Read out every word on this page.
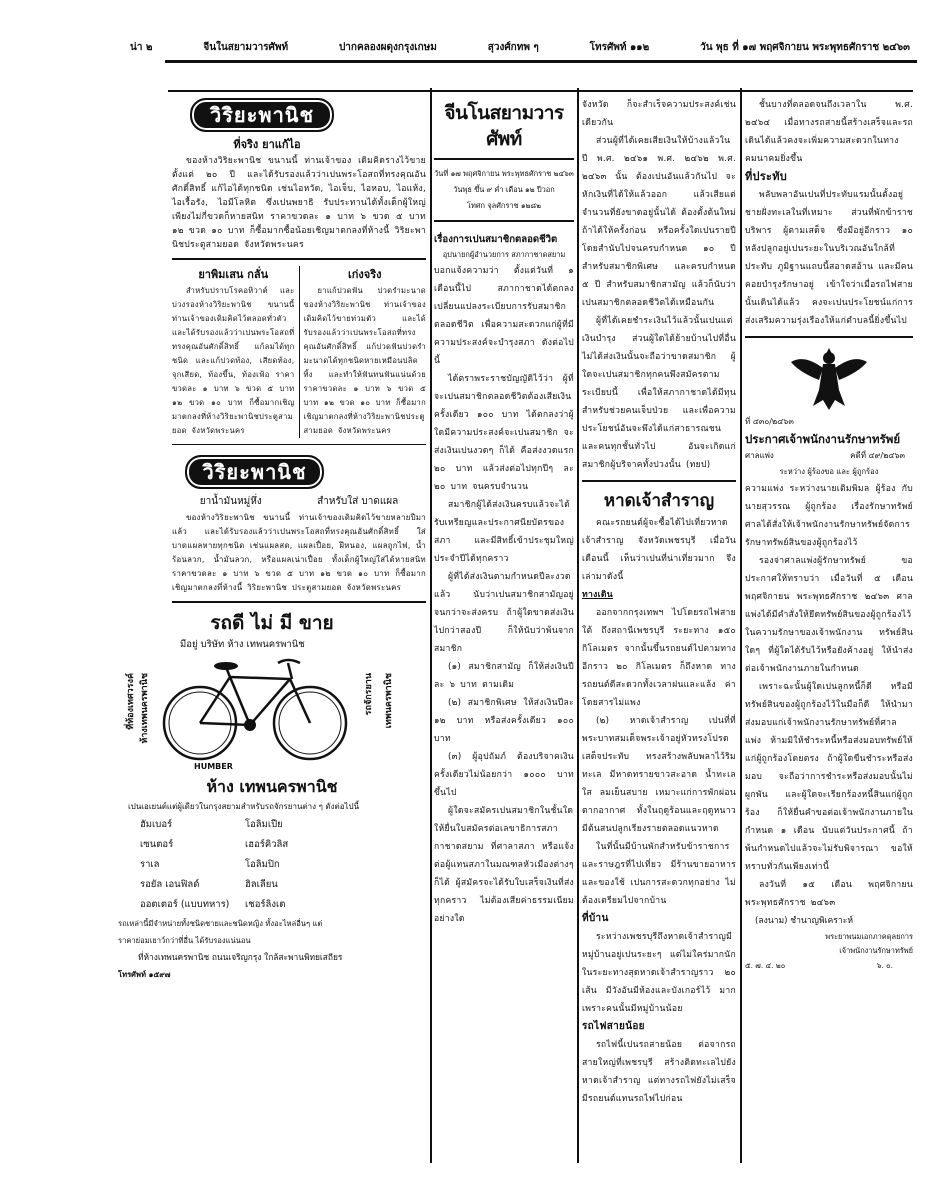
น่า ๒	จีนในสยามวารศัพท์	ปากคลองผดุงกรุงเกษม	สุวงศ์กทพ ๆ	โทรศัพท์ ๑๑๒	วัน พุธ ที่ ๑๗ พฤศจิกายน พระพุทธศักราช ๒๔๖๓
วิริยะพานิช
ที่จริง ยาแก้ไอ

ของห้างวิริยะพานิช ขนานนี้ ท่านเจ้าของ เดิมคิดรางไว้ขายตั้งแต่ ๒๐ ปี และได้รับรองแล้วว่าเปนพระโอสถที่ทรงคุณอันศักดิ์สิทธิ์ แก้ไอได้ทุกชนิด เช่นไอหวัด, ไอเจ็บ, ไอหอบ, ไอแห้ง, ไอเรื้อรัง, ไอมีโลหิต ซึ่งเปนพยาธิ รับประทานได้ทั้งเด็กผู้ใหญ่ เพียงไม่กี่ขวดก็หายสนิท ราคาขวดละ ๑ บาท ๖ ขวด ๕ บาท ๑๒ ขวด ๑๐ บาท ก็ซื้อมากซื้อน้อยเชิญมาตกลงที่ห้างนี้ วิริยะพานิชประตูสามยอด จังหวัดพระนคร

ยาพิมเสน กลั่น

สำหรับปราบโรคอหิวาต์ และบ่วงรองห้างวิริยะพานิช ขนานนี้ท่านเจ้าของเดิมคิดไว้ตลอดทั่วตัว และได้รับรองแล้วว่าเปนพระโอสถที่ทรงคุณอันศักดิ์สิทธิ์ แก้ลมได้ทุกชนิด และแก้ปวดท้อง, เสียดท้อง, จุกเสียด, ท้องขึ้น, ท้องเฟ้อ ราคาขวดละ ๑ บาท ๖ ขวด ๕ บาท ๑๒ ขวด ๑๐ บาท ก็ซื้อมากเชิญมาตกลงที่ห้างวิริยะพานิชประตูสามยอด จังหวัดพระนคร

เก่งจริง

ยาแก้ปวดฟัน ปวดรำมะนาด ของห้างวิริยะพานิช ท่านเจ้าของเดิมคิดไว้ขายท่วมตัว และได้รับรองแล้วว่าเปนพระโอสถที่ทรงคุณอันศักดิ์สิทธิ์ แก้ปวดฟันปวดรำมะนาดได้ทุกชนิดหายเหมือนปลิดทิ้ง และทำให้ฟันทนฟันแน่นด้วย ราคาขวดละ ๑ บาท ๖ ขวด ๕ บาท ๑๒ ขวด ๑๐ บาท ก็ซื้อมากเชิญมาตกลงที่ห้างวิริยะพานิชประตูสามยอด จังหวัดพระนคร

วิริยะพานิช
ยาน้ำมันหมู่หึ่ง	สำหรับใส่ บาดแผล

ของห้างวิริยะพานิช ขนานนี้ ท่านเจ้าของเดิมคิดไว้ขายหลายปีมาแล้ว และได้รับรองแล้วว่าเปนพระโอสถที่ทรงคุณอันศักดิ์สิทธิ์ ใส่บาดแผลหายทุกชนิด เช่นแผลสด, แผลเปื่อย, ฝีหนอง, แผลถูกไฟ, น้ำร้อนลวก, น้ำมันลวก, หรือแผลเน่าเปื่อย ทั้งเด็กผู้ใหญ่ใส่ได้หายสนิท ราคาขวดละ ๑ บาท ๖ ขวด ๕ บาท ๑๒ ขวด ๑๐ บาท ก็ซื้อมากเชิญมาตกลงที่ห้างนี้ วิริยะพานิช ประตูสามยอด จังหวัดพระนคร

รถดี ไม่ มี ขาย
มีอยู่ บริษัท ห้าง เทพนครพานิช
HUMBER
ที่ท้องเทศวรงค์ ห้างเทพนครพานิช	รถจักรยาน เทพนครพานิช
ห้าง เทพนครพานิช
เปนเอเยนต์แต่ผู้เดียวในกรุงสยามสำหรับรถจักรยานต่าง ๆ ดังต่อไปนี้
ฮัมเบอร์
เซนตอร์
ราเล
รอยัล เอนฟิลด์
ออตเตอร์ (แบบทหาร)
โอลิมเปีย
เฮอร์คิวลิส
โอลิมปิก
ฮิลเลียน
เชอร์ลิงเต
รถเหล่านี้มีจำหน่ายทั้งชนิดชายและชนิดหญิง ทั้งอะไหล่อื่นๆ แต่
ราคาย่อมเยาว์กว่าที่อื่น ได้รับรองแน่นอน
ที่ห้างเทพนครพานิช ถนนเจริญกรุง ใกล้สะพานพิทยเสถียร
โทรศัพท์ ๑๕๙๗
จีนโนสยามวารศัพท์
วันที่ ๑๗ พฤศจิกายน พระพุทธศักราช ๒๔๖๓
วันพุธ ขึ้น ๙ ค่ำ เดือน ๑๒ ปีวอก
โทศก จุลศักราช ๑๒๘๒
เรื่องการเปนสมาชิกตลอดชีวิต
อุปนายกผู้อำนวยการ สภากาชาดสยาม

บอกแจ้งความว่า ตั้งแต่วันที่ ๑ เดือนนี้ไป สภากาชาดได้ตกลงเปลี่ยนแปลงระเบียบการรับสมาชิกตลอดชีวิต เพื่อความสะดวกแก่ผู้ที่มีความประสงค์จะบำรุงสภา ดังต่อไปนี้

ได้ตราพระราชบัญญัติไว้ว่า ผู้ที่จะเปนสมาชิกตลอดชีวิตต้องเสียเงินครั้งเดียว ๑๐๐ บาท ได้ตกลงว่าผู้ใดมีความประสงค์จะเปนสมาชิก จะส่งเงินเปนงวดๆ ก็ได้ คือส่งงวดแรก ๒๐ บาท แล้วส่งต่อไปทุกปีๆ ละ ๒๐ บาท จนครบจำนวน

สมาชิกผู้ได้ส่งเงินครบแล้วจะได้รับเหรียญและประกาศนียบัตรของสภา และมีสิทธิ์เข้าประชุมใหญ่ประจำปีได้ทุกคราว

ผู้ที่ได้ส่งเงินตามกำหนดปีละงวดแล้ว นับว่าเปนสมาชิกสามัญอยู่จนกว่าจะส่งครบ ถ้าผู้ใดขาดส่งเงินไปกว่าสองปี ก็ให้นับว่าพ้นจากสมาชิก

(๑) สมาชิกสามัญ ก็ให้ส่งเงินปีละ ๖ บาท ตามเดิม

(๒) สมาชิกพิเศษ ให้ส่งเงินปีละ ๑๒ บาท หรือส่งครั้งเดียว ๑๐๐ บาท

(๓) ผู้อุปถัมภ์ ต้องบริจาคเงินครั้งเดียวไม่น้อยกว่า ๑๐๐๐ บาท ขึ้นไป

ผู้ใดจะสมัครเปนสมาชิกในชั้นใด ให้ยื่นใบสมัครต่อเลขาธิการสภากาชาดสยาม ที่ศาลาสภา หรือแจ้งต่อผู้แทนสภาในมณฑลหัวเมืองต่างๆ ก็ได้ ผู้สมัครจะได้รับใบเสร็จเงินที่ส่งทุกคราว ไม่ต้องเสียค่าธรรมเนียมอย่างใด

จังหวัด ก็จะสำเร็จความประสงค์เช่นเดียวกัน

ส่วนผู้ที่ได้เคยเสียเงินให้บ้างแล้วในปี พ.ศ. ๒๔๖๑ พ.ศ. ๒๔๖๒ พ.ศ. ๒๔๖๓ นั้น ต้องเปนอันแล้วกันไป จะหักเงินที่ได้ให้แล้วออก แล้วเสียแต่จำนวนที่ยังขาดอยู่นั้นได้ ต้องตั้งต้นใหม่ ถ้าได้ให้ครั้งก่อน หรือครั้งใดเปนรายปีโดยสำนับไปจนครบกำหนด ๑๐ ปี สำหรับสมาชิกพิเศษ และครบกำหนด ๕ ปี สำหรับสมาชิกสามัญ แล้วก็นับว่าเปนสมาชิกตลอดชีวิตได้เหมือนกัน

ผู้ที่ได้เคยชำระเงินไว้แล้วนั้นเปนแต่เงินบำรุง ส่วนผู้ใดได้ย้ายบ้านไปที่อื่น ไม่ได้ส่งเงินนั้นจะถือว่าขาดสมาชิก ผู้ใดจะเปนสมาชิกทุกคนพึงสมัครตามระเบียบนี้ เพื่อให้สภากาชาดได้มีทุนสำหรับช่วยคนเจ็บป่วย และเพื่อความประโยชน์อันจะพึงได้แก่สาธารณชน และคนทุกชั้นทั่วไป อันจะเกิดแก่สมาชิกผู้บริจาคทั้งปวงนั้น (ทยป)

หาดเจ้าสำราญ

คณะรถยนต์ผู้จะซื้อได้ไปเที่ยวหาดเจ้าสำราญ จังหวัดเพชรบุรี เมื่อวันเดือนนี้ เห็นว่าเปนที่น่าเที่ยวมาก จึงเล่ามาดังนี้

ทางเดิน

ออกจากกรุงเทพฯ ไปโดยรถไฟสายใต้ ถึงสถานีเพชรบุรี ระยะทาง ๑๕๐ กิโลเมตร จากนั้นขึ้นรถยนต์ไปตามทางอีกราว ๒๐ กิโลเมตร ก็ถึงหาด ทางรถยนต์ดีสะดวกทั้งเวลาฝนและแล้ง ค่าโดยสารไม่แพง

(๒) หาดเจ้าสำราญ เปนที่ที่พระบาทสมเด็จพระเจ้าอยู่หัวทรงโปรดเสด็จประทับ ทรงสร้างพลับพลาไว้ริมทะเล มีหาดทรายขาวสะอาด น้ำทะเลใส ลมเย็นสบาย เหมาะแก่การพักผ่อน ตากอากาศ ทั้งในฤดูร้อนและฤดูหนาว มีต้นสนปลูกเรียงรายตลอดแนวหาด

ในที่นั้นมีบ้านพักสำหรับข้าราชการและราษฎรที่ไปเที่ยว มีร้านขายอาหาร และของใช้ เปนการสะดวกทุกอย่าง ไม่ต้องเตรียมไปจากบ้าน

ที่บ้าน

ระหว่างเพชรบุรีถึงหาดเจ้าสำราญมีหมู่บ้านอยู่เปนระยะๆ แต่ไม่ใคร่มากนัก ในระยะทางสุดหาดเจ้าสำราญราว ๒๐ เส้น มีวังอันมีห้องและบังเกอร์ไว้ มาก เพราะคนนั้นมีหมู่บ้านน้อย

รถไฟสายน้อย

รถไฟนี้เปนรถสายน้อย ต่อจากรถสายใหญ่ที่เพชรบุรี สร้างติดทะเลไปยังหาดเจ้าสำราญ แต่ทางรถไฟยังไม่เสร็จ มีรถยนต์แทนรถไฟไปก่อน

ชั้นบางที่ตลอดจนถึงเวลาใน พ.ศ. ๒๔๖๔ เมื่อทางรถสายนี้สร้างเสร็จและรถเดินได้แล้วคงจะเพิ่มความสะดวกในทางคมนาคมยิ่งขึ้น

ที่ประทับ

พลับพลาอันเปนที่ประทับแรมนั้นตั้งอยู่ชายฝั่งทะเลในที่เหมาะ ส่วนที่พักข้าราชบริพาร ผู้ตามเสด็จ ซึ่งมีอยู่อีกราว ๑๐ หลังปลูกอยู่เปนระยะในบริเวณอันใกล้ที่ประทับ ภูมิฐานแถบนี้สอาดสอ้าน และมีคนคอยบำรุงรักษาอยู่ เข้าใจว่าเมื่อรถไฟสายนั้นเดินได้แล้ว คงจะเปนประโยชน์แก่การส่งเสริมความรุ่งเรืองให้แก่ตำบลนี้ยิ่งขึ้นไป

ที่ ๔๓๐/๒๔๖๓
ประกาศเจ้าพนักงานรักษาทรัพย์
ศาลแพ่ง	คดีที่ ๔๙/๒๔๖๓
ระหว่าง ผู้ร้องขอ และ ผู้ถูกร้อง

ความแพ่ง ระหว่างนายเติมพิมล ผู้ร้อง กับนายสุวรรณ ผู้ถูกร้อง เรื่องรักษาทรัพย์ ศาลได้สั่งให้เจ้าพนักงานรักษาทรัพย์จัดการรักษาทรัพย์สินของผู้ถูกร้องไว้

รองจ่าศาลแพ่งผู้รักษาทรัพย์ ขอประกาศให้ทราบว่า เมื่อวันที่ ๕ เดือน พฤศจิกายน พระพุทธศักราช ๒๔๖๓ ศาลแพ่งได้มีคำสั่งให้ยึดทรัพย์สินของผู้ถูกร้องไว้ในความรักษาของเจ้าพนักงาน ทรัพย์สินใดๆ ที่ผู้ใดได้รับไว้หรือยังค้างอยู่ ให้นำส่งต่อเจ้าพนักงานภายในกำหนด

เพราะฉะนั้นผู้ใดเปนลูกหนี้ก็ดี หรือมีทรัพย์สินของผู้ถูกร้องไว้ในมือก็ดี ให้นำมาส่งมอบแก่เจ้าพนักงานรักษาทรัพย์ที่ศาลแพ่ง ห้ามมิให้ชำระหนี้หรือส่งมอบทรัพย์ให้แก่ผู้ถูกร้องโดยตรง ถ้าผู้ใดขืนชำระหรือส่งมอบ จะถือว่าการชำระหรือส่งมอบนั้นไม่ผูกพัน และผู้ใดจะเรียกร้องหนี้สินแก่ผู้ถูกร้อง ก็ให้ยื่นคำขอต่อเจ้าพนักงานภายในกำหนด ๑ เดือน นับแต่วันประกาศนี้ ถ้าพ้นกำหนดไปแล้วจะไม่รับพิจารณา ขอให้ทราบทั่วกันเพียงเท่านี้

ลงวันที่ ๑๕ เดือน พฤศจิกายน พระพุทธศักราช ๒๔๖๓

(ลงนาม) ชำนาญพิเคราะห์
พระยาพนมเอกภาคดุลยการ
เจ้าพนักงานรักษาทรัพย์
๕. ๗. ๔. ๒๐	๖. ๐.
